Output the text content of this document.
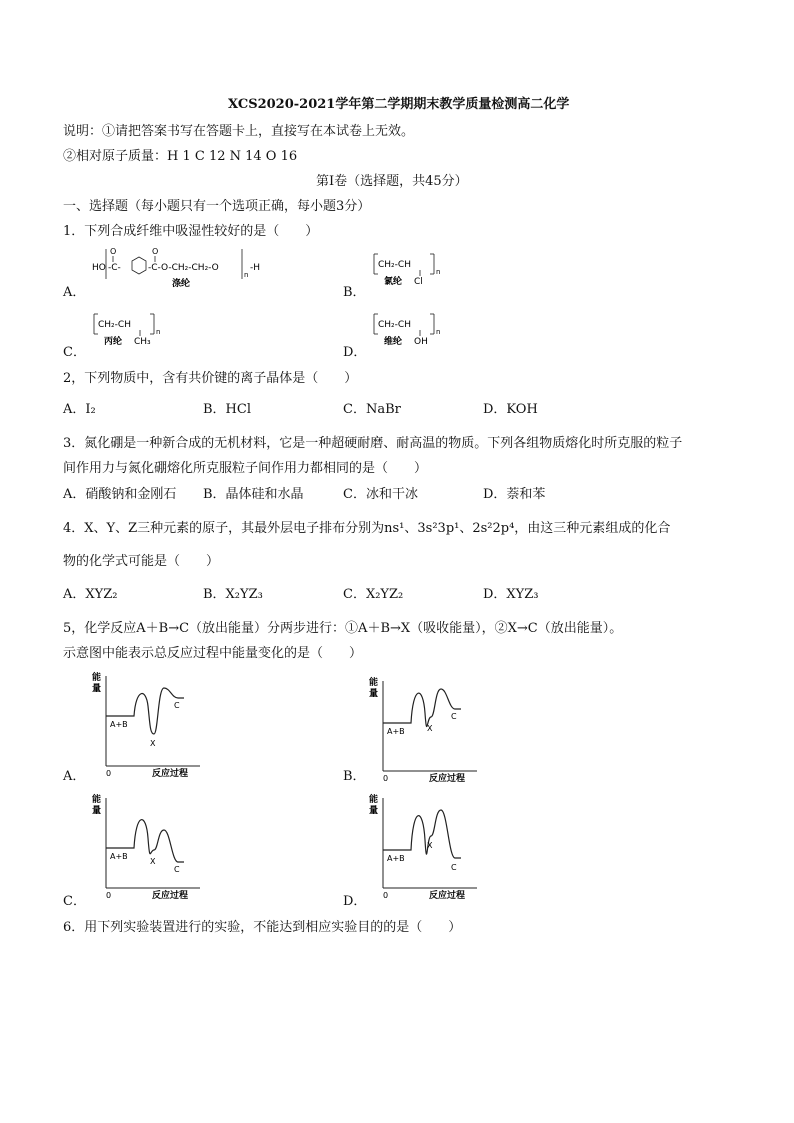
XCS2020-2021学年第二学期期末教学质量检测高二化学
说明：①请把答案书写在答题卡上，直接写在本试卷上无效。
②相对原子质量：H 1 C 12 N 14 O 16
第Ⅰ卷（选择题，共45分）
一、选择题（每小题只有一个选项正确，每小题3分）
1．下列合成纤维中吸湿性较好的是（　　）
A．
HO -C-
O
-C-O-CH₂-CH₂-O
O
n
-H
涤纶
B．
CH₂-CH
n
氯纶 Cl
C．
CH₂-CH
n
丙纶 CH₃
D．
CH₂-CH
n
维纶 OH
2，下列物质中，含有共价键的离子晶体是（　　）
A．I₂	B．HCl	C．NaBr	D．KOH
3．氮化硼是一种新合成的无机材料，它是一种超硬耐磨、耐高温的物质。下列各组物质熔化时所克服的粒子
间作用力与氮化硼熔化所克服粒子间作用力都相同的是（　　）
A．硝酸钠和金刚石 B．晶体硅和水晶	C．冰和干冰	D．萘和苯
4．X、Y、Z三种元素的原子，其最外层电子排布分别为ns¹、3s²3p¹、2s²2p⁴，由这三种元素组成的化合
物的化学式可能是（　　）
A．XYZ₂	B．X₂YZ₃	C．X₂YZ₂	D．XYZ₃
5，化学反应A＋B→C（放出能量）分两步进行：①A＋B→X（吸收能量），②X→C（放出能量）。
示意图中能表示总反应过程中能量变化的是（　　）
A．	B．
C．	D．
能
量
0	反应过程
A+B
X
C
能
量
0	反应过程
A+B	X
C
能
量
0	反应过程
A+B
X
C
能
量
0	反应过程
A+B
X
C
6．用下列实验装置进行的实验，不能达到相应实验目的的是（　　）
